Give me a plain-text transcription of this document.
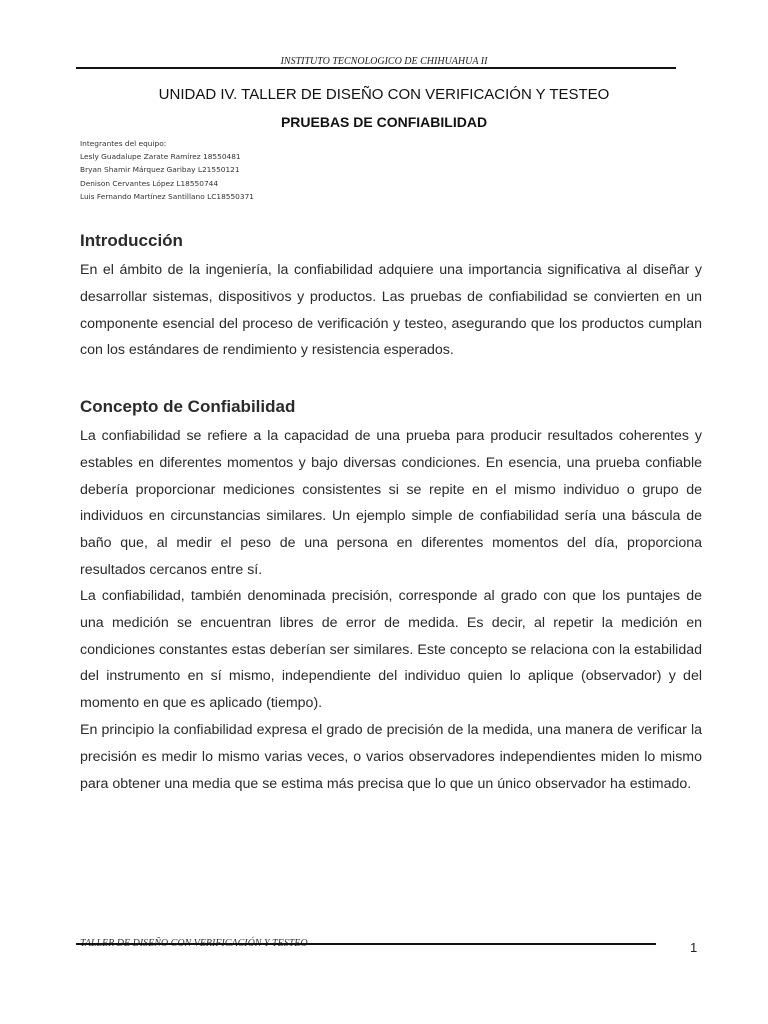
INSTITUTO TECNOLOGICO DE CHIHUAHUA II
UNIDAD IV. TALLER DE DISEÑO CON VERIFICACIÓN Y TESTEO
PRUEBAS DE CONFIABILIDAD
Integrantes del equipo:
Lesly Guadalupe Zarate Ramírez 18550481
Bryan Shamir Márquez Garibay L21550121
Denison Cervantes López L18550744
Luis Fernando Martínez Santillano LC18550371
Introducción

En el ámbito de la ingeniería, la confiabilidad adquiere una importancia significativa al diseñar y desarrollar sistemas, dispositivos y productos. Las pruebas de confiabilidad se convierten en un componente esencial del proceso de verificación y testeo, asegurando que los productos cumplan con los estándares de rendimiento y resistencia esperados.

Concepto de Confiabilidad

La confiabilidad se refiere a la capacidad de una prueba para producir resultados coherentes y estables en diferentes momentos y bajo diversas condiciones. En esencia, una prueba confiable debería proporcionar mediciones consistentes si se repite en el mismo individuo o grupo de individuos en circunstancias similares. Un ejemplo simple de confiabilidad sería una báscula de baño que, al medir el peso de una persona en diferentes momentos del día, proporciona resultados cercanos entre sí.

La confiabilidad, también denominada precisión, corresponde al grado con que los puntajes de una medición se encuentran libres de error de medida. Es decir, al repetir la medición en condiciones constantes estas deberían ser similares. Este concepto se relaciona con la estabilidad del instrumento en sí mismo, independiente del individuo quien lo aplique (observador) y del momento en que es aplicado (tiempo).

En principio la confiabilidad expresa el grado de precisión de la medida, una manera de verificar la precisión es medir lo mismo varias veces, o varios observadores independientes miden lo mismo para obtener una media que se estima más precisa que lo que un único observador ha estimado.

TALLER DE DISEÑO CON VERIFICACIÓN Y TESTEO	1
